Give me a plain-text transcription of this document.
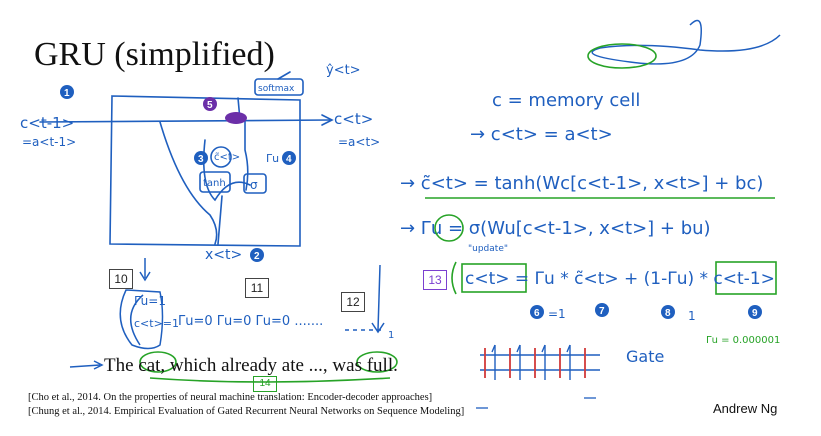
GRU (simplified)
10
11
12
13
14
c<t-1>
=a<t-1>
c<t>
=a<t>
softmax
ŷ<t>
x<t>
tanh σ
c̃<t> Γu
1
5
3	4
2
c = memory cell
→ c<t> = a<t>
→ c̃<t> = tanh(Wc[c<t-1>, x<t>] + bc)
→ Γu = σ(Wu[c<t-1>, x<t>] + bu)
"update"
c<t> = Γu * c̃<t> + (1-Γu) * c<t-1>
6 =1	7	8 1	9
Γu = 0.000001
Gate
Γu=1
c<t>=1
Γu=0 Γu=0 Γu=0 .......
1
The cat, which already ate ..., was full.
[Cho et al., 2014. On the properties of neural machine translation: Encoder-decoder approaches]
[Chung et al., 2014. Empirical Evaluation of Gated Recurrent Neural Networks on Sequence Modeling]	Andrew Ng
